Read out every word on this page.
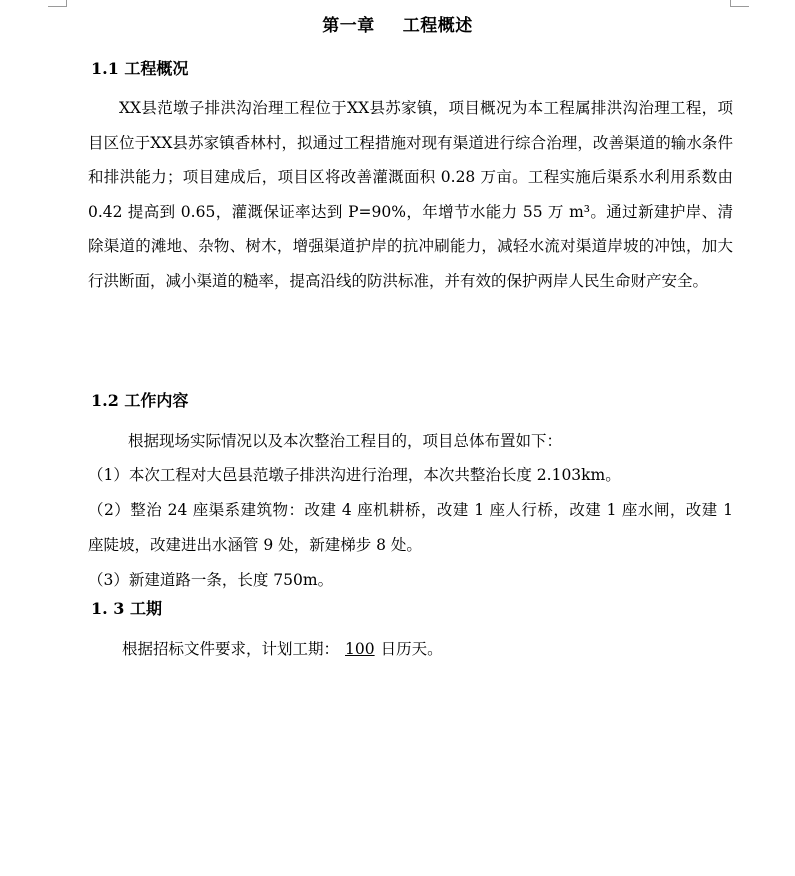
第一章 工程概述
1.1 工程概况

XX县范墩子排洪沟治理工程位于XX县苏家镇，项目概况为本工程属排洪沟治理工程，项目区位于XX县苏家镇香林村，拟通过工程措施对现有渠道进行综合治理，改善渠道的输水条件和排洪能力；项目建成后，项目区将改善灌溉面积 0.28 万亩。工程实施后渠系水利用系数由 0.42 提高到 0.65，灌溉保证率达到 P=90%，年增节水能力 55 万 m³。通过新建护岸、清除渠道的滩地、杂物、树木，增强渠道护岸的抗冲刷能力，减轻水流对渠道岸坡的冲蚀，加大行洪断面，减小渠道的糙率，提高沿线的防洪标准，并有效的保护两岸人民生命财产安全。

1.2 工作内容

根据现场实际情况以及本次整治工程目的，项目总体布置如下：

（1）本次工程对大邑县范墩子排洪沟进行治理，本次共整治长度 2.103km。
（2）整治 24 座渠系建筑物：改建 4 座机耕桥，改建 1 座人行桥，改建 1 座水闸，改建 1 座陡坡，改建进出水涵管 9 处，新建梯步 8 处。
（3）新建道路一条，长度 750m。
1. 3 工期

根据招标文件要求，计划工期： 100 日历天。
